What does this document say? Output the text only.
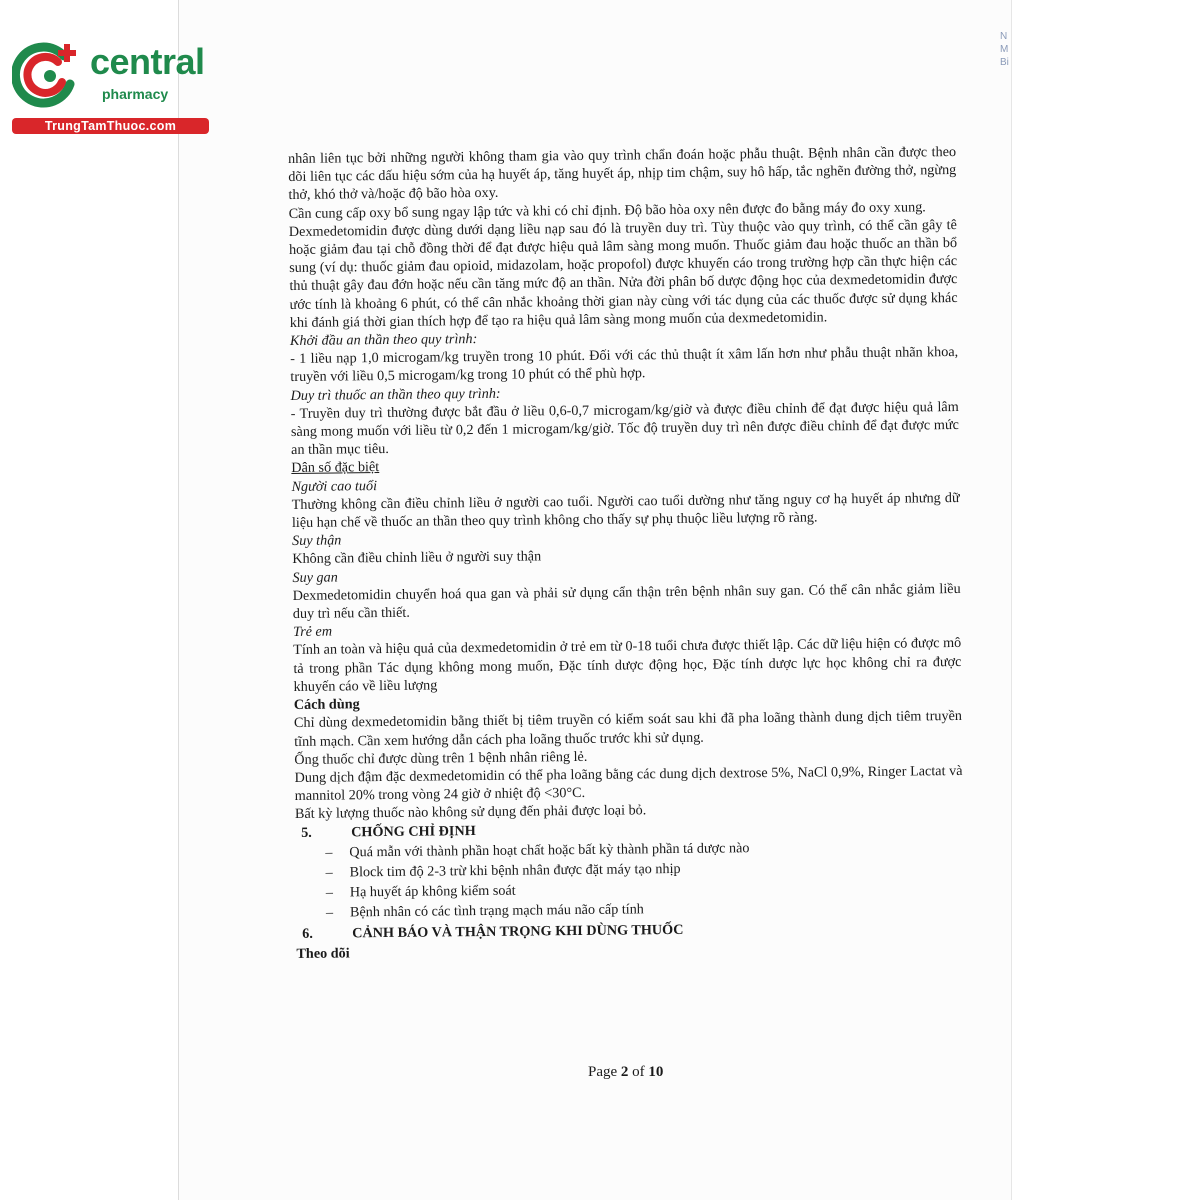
N
M
Bi
central
pharmacy
TrungTamThuoc.com

nhân liên tục bởi những người không tham gia vào quy trình chẩn đoán hoặc phẫu thuật. Bệnh nhân cần được theo dõi liên tục các dấu hiệu sớm của hạ huyết áp, tăng huyết áp, nhịp tim chậm, suy hô hấp, tắc nghẽn đường thở, ngừng thở, khó thở và/hoặc độ bão hòa oxy.

Cần cung cấp oxy bổ sung ngay lập tức và khi có chỉ định. Độ bão hòa oxy nên được đo bằng máy đo oxy xung.

Dexmedetomidin được dùng dưới dạng liều nạp sau đó là truyền duy trì. Tùy thuộc vào quy trình, có thể cần gây tê hoặc giảm đau tại chỗ đồng thời để đạt được hiệu quả lâm sàng mong muốn. Thuốc giảm đau hoặc thuốc an thần bổ sung (ví dụ: thuốc giảm đau opioid, midazolam, hoặc propofol) được khuyến cáo trong trường hợp cần thực hiện các thủ thuật gây đau đớn hoặc nếu cần tăng mức độ an thần. Nửa đời phân bố dược động học của dexmedetomidin được ước tính là khoảng 6 phút, có thể cân nhắc khoảng thời gian này cùng với tác dụng của các thuốc được sử dụng khác khi đánh giá thời gian thích hợp để tạo ra hiệu quả lâm sàng mong muốn của dexmedetomidin.

Khởi đầu an thần theo quy trình:

- 1 liều nạp 1,0 microgam/kg truyền trong 10 phút. Đối với các thủ thuật ít xâm lấn hơn như phẫu thuật nhãn khoa, truyền với liều 0,5 microgam/kg trong 10 phút có thể phù hợp.

Duy trì thuốc an thần theo quy trình:

- Truyền duy trì thường được bắt đầu ở liều 0,6-0,7 microgam/kg/giờ và được điều chỉnh để đạt được hiệu quả lâm sàng mong muốn với liều từ 0,2 đến 1 microgam/kg/giờ. Tốc độ truyền duy trì nên được điều chỉnh để đạt được mức an thần mục tiêu.

Dân số đặc biệt

Người cao tuổi

Thường không cần điều chỉnh liều ở người cao tuổi. Người cao tuổi dường như tăng nguy cơ hạ huyết áp nhưng dữ liệu hạn chế về thuốc an thần theo quy trình không cho thấy sự phụ thuộc liều lượng rõ ràng.

Suy thận

Không cần điều chỉnh liều ở người suy thận

Suy gan

Dexmedetomidin chuyển hoá qua gan và phải sử dụng cẩn thận trên bệnh nhân suy gan. Có thể cân nhắc giảm liều duy trì nếu cần thiết.

Trẻ em

Tính an toàn và hiệu quả của dexmedetomidin ở trẻ em từ 0-18 tuổi chưa được thiết lập. Các dữ liệu hiện có được mô tả trong phần Tác dụng không mong muốn, Đặc tính dược động học, Đặc tính dược lực học không chỉ ra được khuyến cáo về liều lượng

Cách dùng

Chỉ dùng dexmedetomidin bằng thiết bị tiêm truyền có kiểm soát sau khi đã pha loãng thành dung dịch tiêm truyền tĩnh mạch. Cần xem hướng dẫn cách pha loãng thuốc trước khi sử dụng.

Ống thuốc chỉ được dùng trên 1 bệnh nhân riêng lẻ.

Dung dịch đậm đặc dexmedetomidin có thể pha loãng bằng các dung dịch dextrose 5%, NaCl 0,9%, Ringer Lactat và mannitol 20% trong vòng 24 giờ ở nhiệt độ <30°C.

Bất kỳ lượng thuốc nào không sử dụng đến phải được loại bỏ.

5.	CHỐNG CHỈ ĐỊNH
–	Quá mẫn với thành phần hoạt chất hoặc bất kỳ thành phần tá dược nào
–	Block tim độ 2-3 trừ khi bệnh nhân được đặt máy tạo nhịp
–	Hạ huyết áp không kiểm soát
–	Bệnh nhân có các tình trạng mạch máu não cấp tính
6.	CẢNH BÁO VÀ THẬN TRỌNG KHI DÙNG THUỐC

Theo dõi

Page 2 of 10
